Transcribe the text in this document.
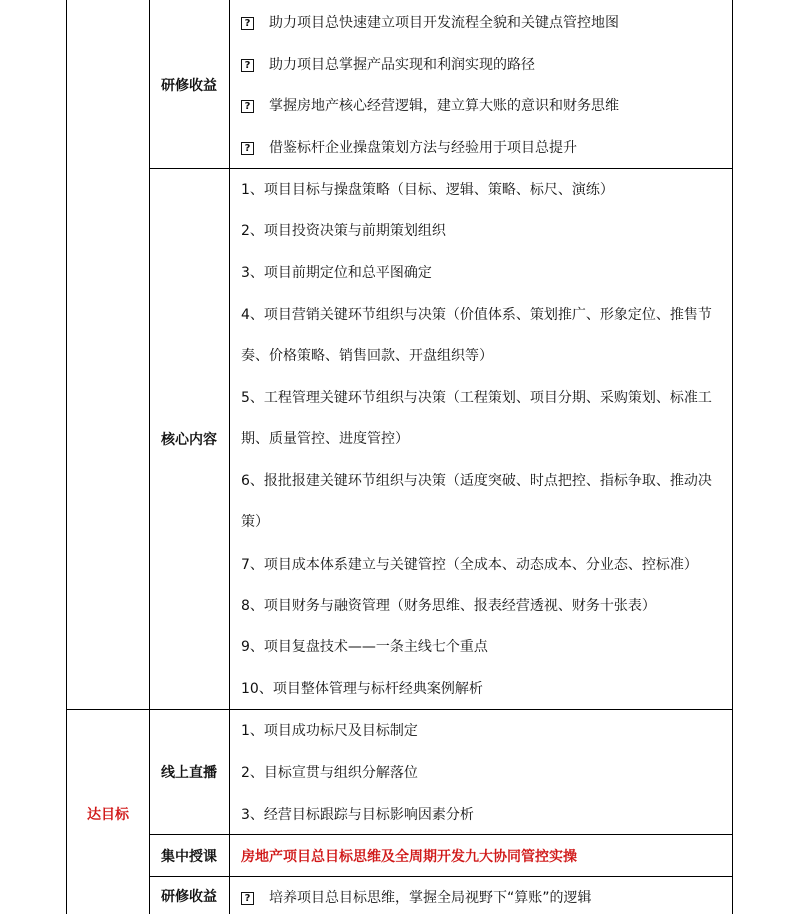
研修收益
? 助力项目总快速建立项目开发流程全貌和关键点管控地图
? 助力项目总掌握产品实现和利润实现的路径
? 掌握房地产核心经营逻辑，建立算大账的意识和财务思维
? 借鉴标杆企业操盘策划方法与经验用于项目总提升
核心内容
1、项目目标与操盘策略（目标、逻辑、策略、标尺、演练）
2、项目投资决策与前期策划组织
3、项目前期定位和总平图确定
4、项目营销关键环节组织与决策（价值体系、策划推广、形象定位、推售节
奏、价格策略、销售回款、开盘组织等）
5、工程管理关键环节组织与决策（工程策划、项目分期、采购策划、标准工
期、质量管控、进度管控）
6、报批报建关键环节组织与决策（适度突破、时点把控、指标争取、推动决
策）
7、项目成本体系建立与关键管控（全成本、动态成本、分业态、控标准）
8、项目财务与融资管理（财务思维、报表经营透视、财务十张表）
9、项目复盘技术——一条主线七个重点
10、项目整体管理与标杆经典案例解析
达目标
线上直播
1、项目成功标尺及目标制定
2、目标宣贯与组织分解落位
3、经营目标跟踪与目标影响因素分析
集中授课	房地产项目总目标思维及全周期开发九大协同管控实操
研修收益	? 培养项目总目标思维，掌握全局视野下“算账”的逻辑
